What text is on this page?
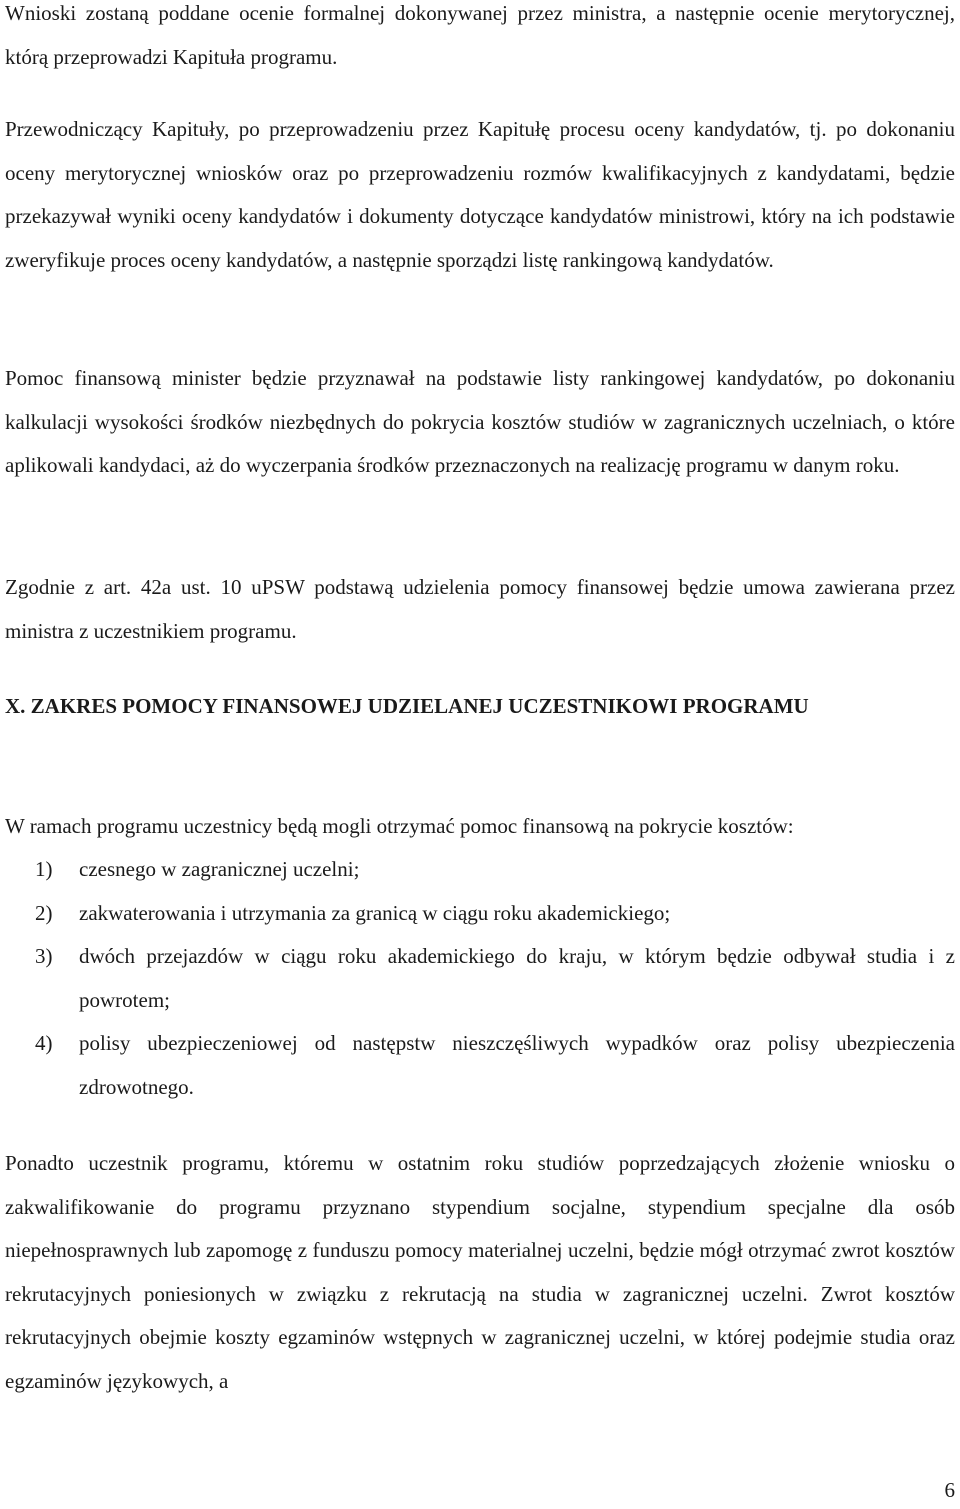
Wnioski zostaną poddane ocenie formalnej dokonywanej przez ministra, a następnie ocenie merytorycznej, którą przeprowadzi Kapituła programu.

Przewodniczący Kapituły, po przeprowadzeniu przez Kapitułę procesu oceny kandydatów, tj. po dokonaniu oceny merytorycznej wniosków oraz po przeprowadzeniu rozmów kwalifikacyjnych z kandydatami, będzie przekazywał wyniki oceny kandydatów i dokumenty dotyczące kandydatów ministrowi, który na ich podstawie zweryfikuje proces oceny kandydatów, a następnie sporządzi listę rankingową kandydatów.

Pomoc finansową minister będzie przyznawał na podstawie listy rankingowej kandydatów, po dokonaniu kalkulacji wysokości środków niezbędnych do pokrycia kosztów studiów w zagranicznych uczelniach, o które aplikowali kandydaci, aż do wyczerpania środków przeznaczonych na realizację programu w danym roku.

Zgodnie z art. 42a ust. 10 uPSW podstawą udzielenia pomocy finansowej będzie umowa zawierana przez ministra z uczestnikiem programu.

X. ZAKRES POMOCY FINANSOWEJ UDZIELANEJ UCZESTNIKOWI PROGRAMU

W ramach programu uczestnicy będą mogli otrzymać pomoc finansową na pokrycie kosztów:

1) czesnego w zagranicznej uczelni;

2) zakwaterowania i utrzymania za granicą w ciągu roku akademickiego;

3) dwóch przejazdów w ciągu roku akademickiego do kraju, w którym będzie odbywał studia i z powrotem;

4) polisy ubezpieczeniowej od następstw nieszczęśliwych wypadków oraz polisy ubezpieczenia zdrowotnego.

Ponadto uczestnik programu, któremu w ostatnim roku studiów poprzedzających złożenie wniosku o zakwalifikowanie do programu przyznano stypendium socjalne, stypendium specjalne dla osób niepełnosprawnych lub zapomogę z funduszu pomocy materialnej uczelni, będzie mógł otrzymać zwrot kosztów rekrutacyjnych poniesionych w związku z rekrutacją na studia w zagranicznej uczelni. Zwrot kosztów rekrutacyjnych obejmie koszty egzaminów wstępnych w zagranicznej uczelni, w której podejmie studia oraz egzaminów językowych, a

6
